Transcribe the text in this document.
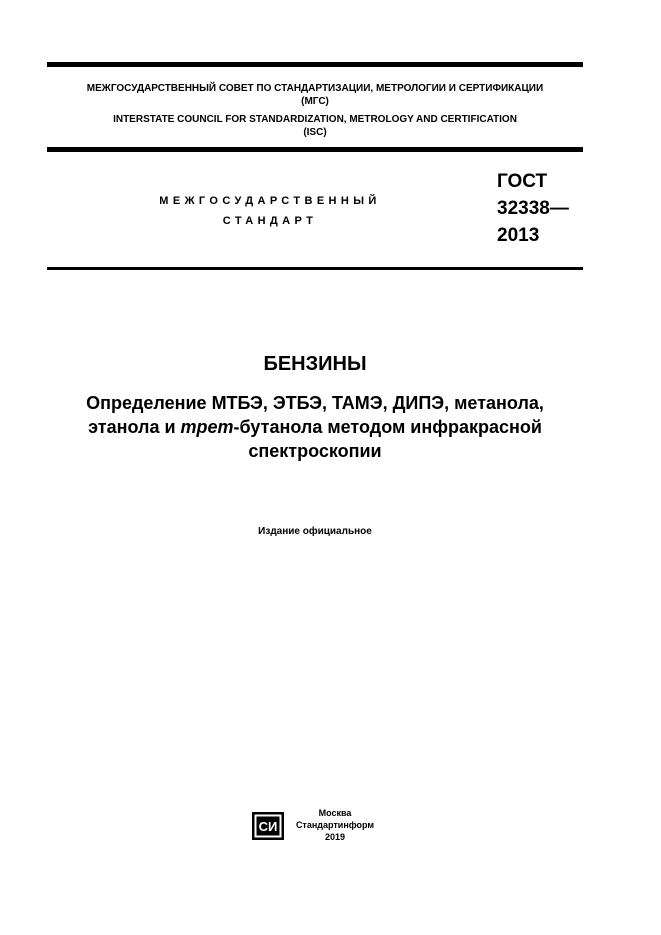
МЕЖГОСУДАРСТВЕННЫЙ СОВЕТ ПО СТАНДАРТИЗАЦИИ, МЕТРОЛОГИИ И СЕРТИФИКАЦИИ
(МГС)
INTERSTATE COUNCIL FOR STANDARDIZATION, METROLOGY AND CERTIFICATION
(ISC)
МЕЖГОСУДАРСТВЕННЫЙ
СТАНДАРТ
ГОСТ
32338—
2013
БЕНЗИНЫ
Определение МТБЭ, ЭТБЭ, ТАМЭ, ДИПЭ, метанола,
этанола и трет-бутанола методом инфракрасной
спектроскопии
Издание официальное
СИ
Москва
Стандартинформ
2019
